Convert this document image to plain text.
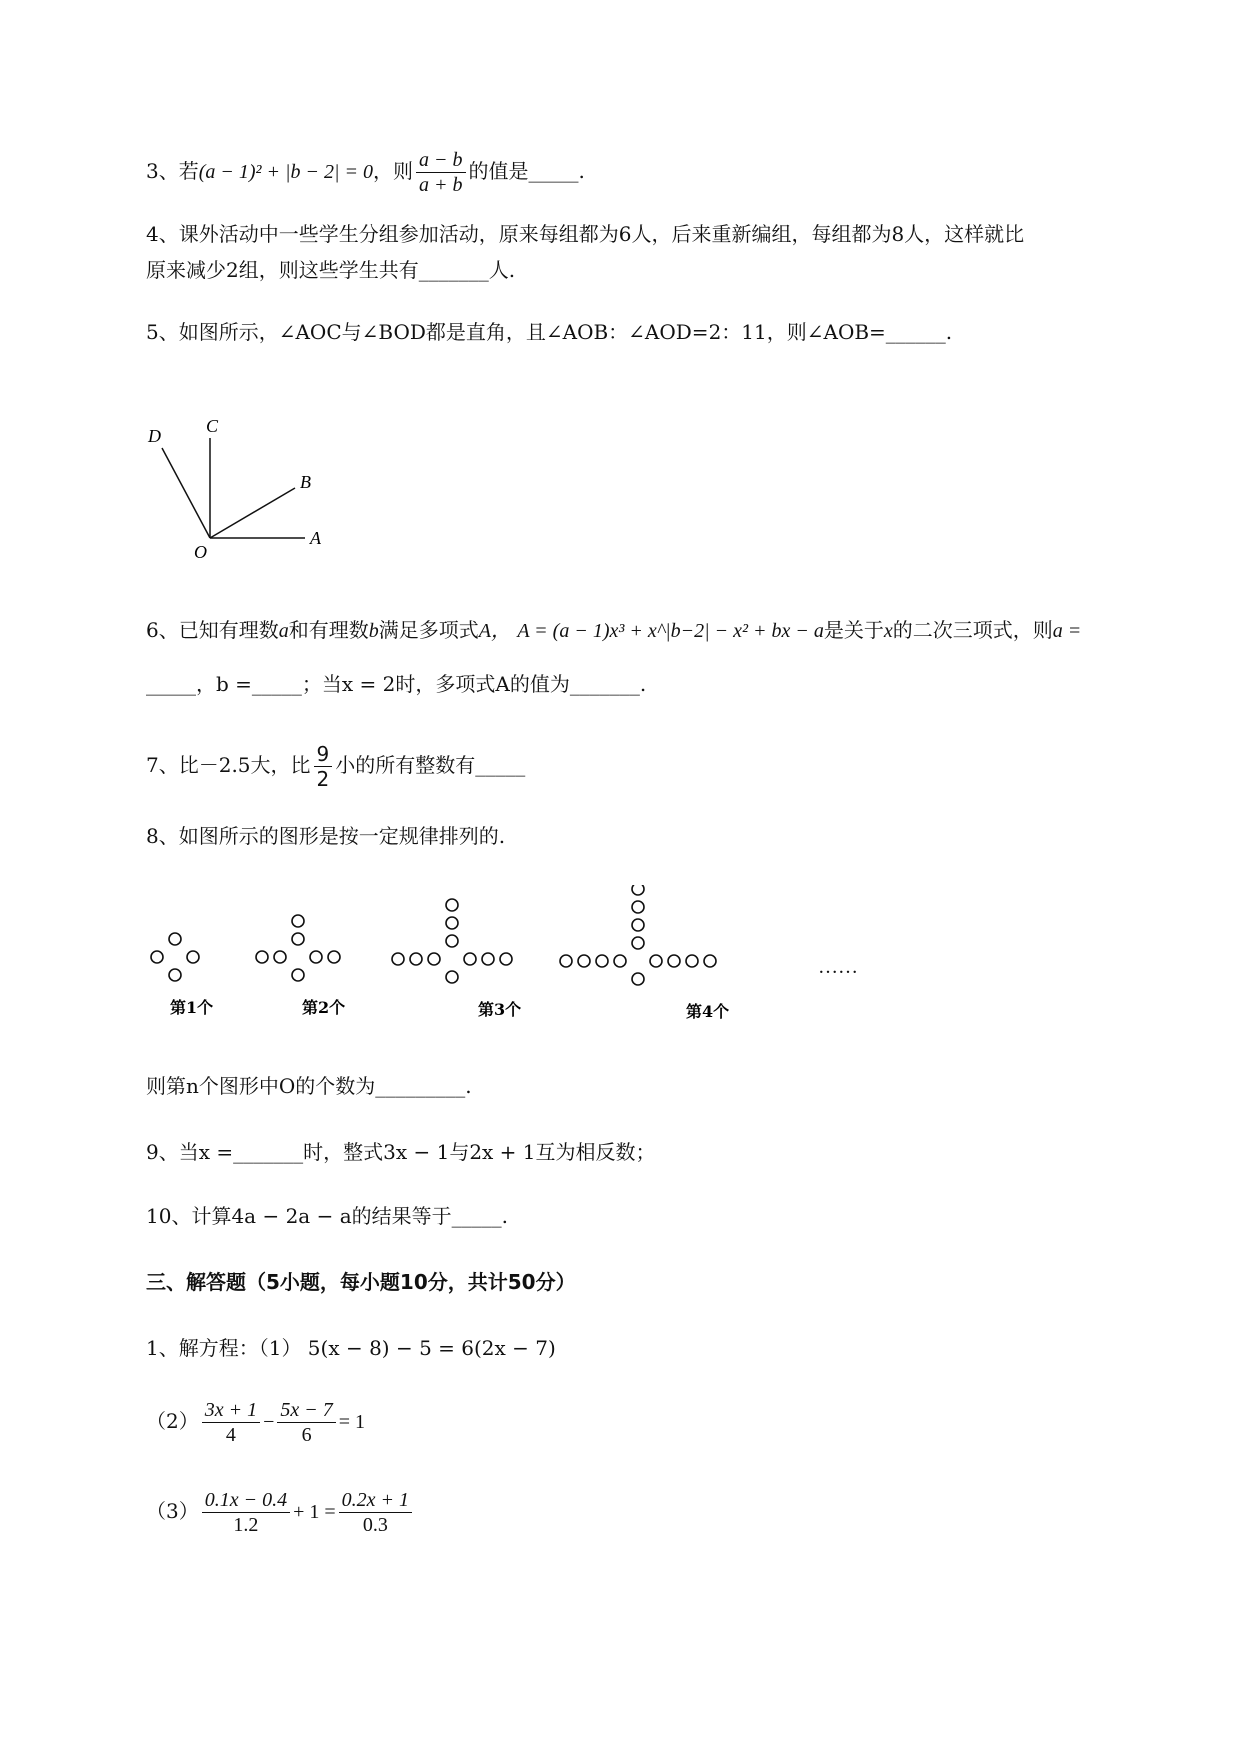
3、若(a − 1)² + |b − 2| = 0，则 $\frac{a - b}{a + b}$ 的值是_____.
4、课外活动中一些学生分组参加活动，原来每组都为6人，后来重新编组，每组都为8人，这样就比
原来减少2组，则这些学生共有_______人.
5、如图所示，∠AOC与∠BOD都是直角，且∠AOB：∠AOD=2：11，则∠AOB=______.
D	C
B
A
O
6、已知有理数a和有理数b满足多项式A， A = (a − 1)x³ + x^|b−2| − x² + bx − a是关于x的二次三项式，则a =
_____，b =_____；当x = 2时，多项式A的值为_______.
7、比－2.5大，比 $\frac{9}{2}$ 小的所有整数有_____
8、如图所示的图形是按一定规律排列的.
……
第1个	第2个	第3个	第4个
则第n个图形中O的个数为_________.
9、当x =_______时，整式3x − 1与2x + 1互为相反数；
10、计算4a − 2a − a的结果等于_____.
三、解答题（5小题，每小题10分，共计50分）
1、解方程：（1） 5(x − 8) − 5 = 6(2x − 7)
$(2) \frac{3x + 1}{4} - \frac{5x - 7}{6} = 1$
$(3) \frac{0.1x - 0.4}{1.2} + 1 = \frac{0.2x + 1}{0.3}$
